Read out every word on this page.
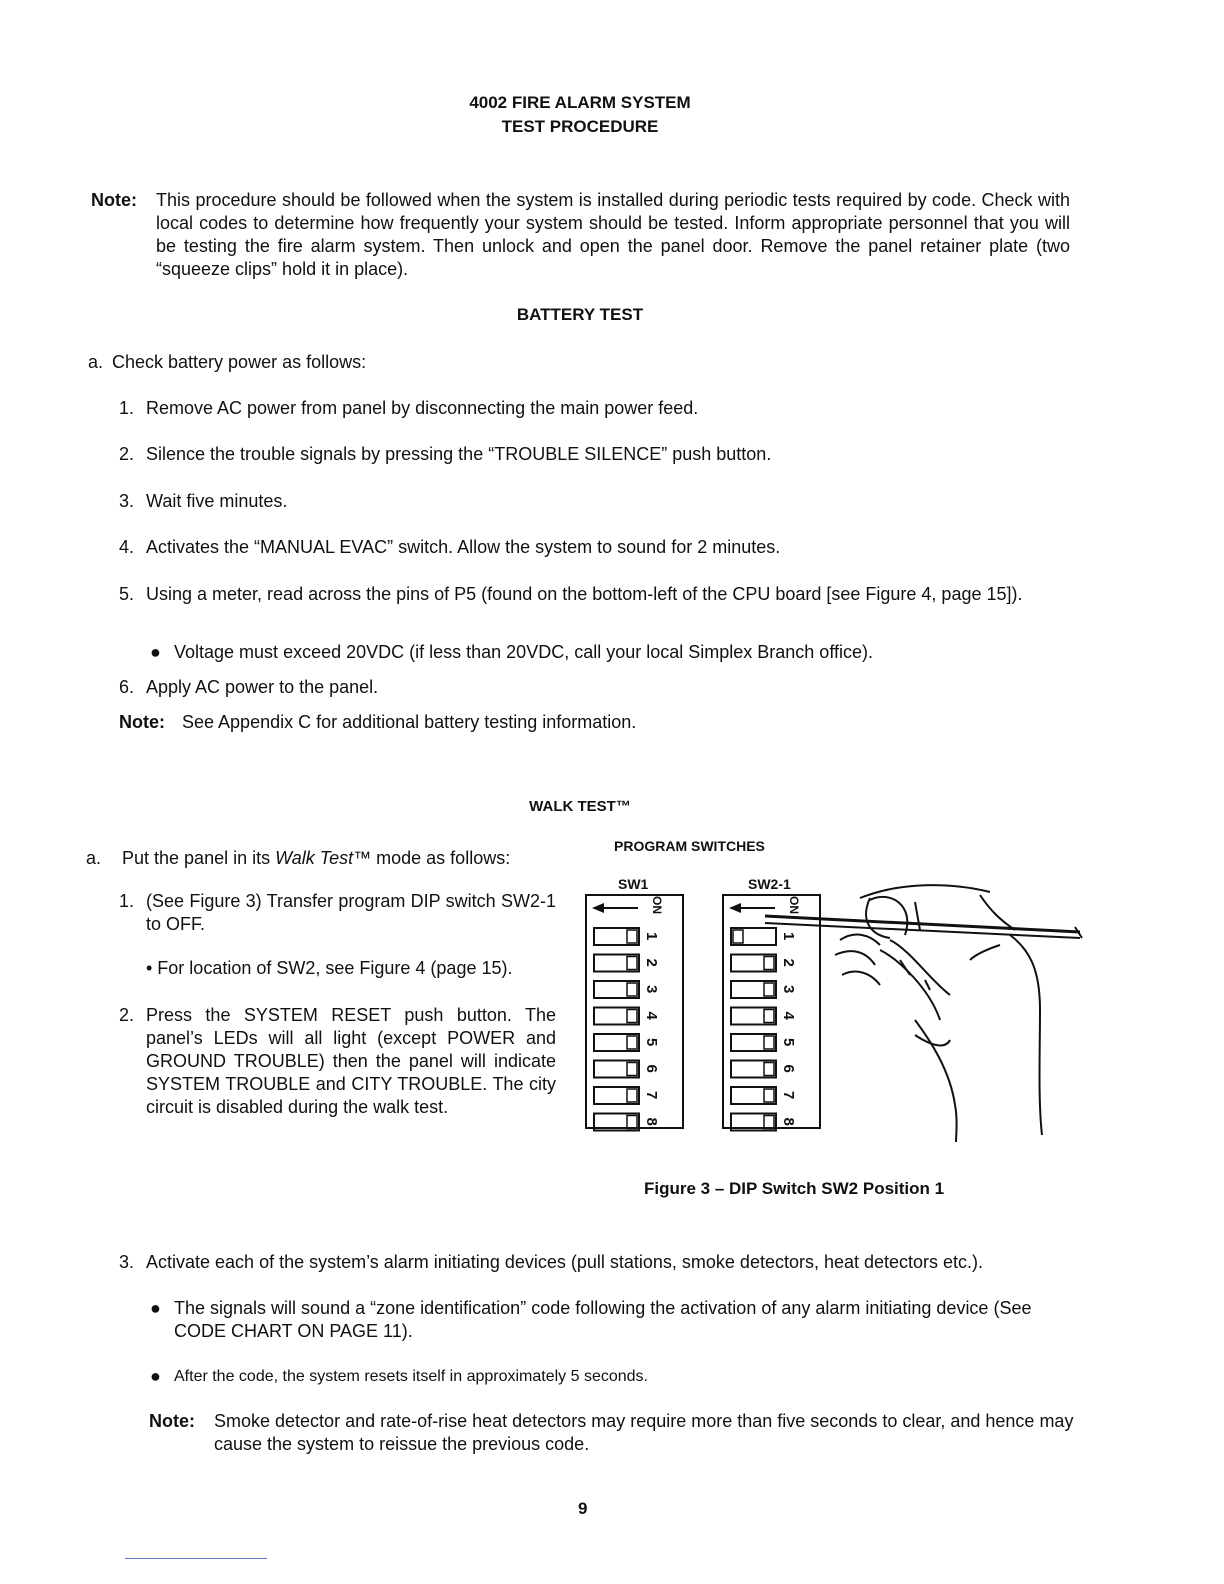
4002 FIRE ALARM SYSTEM
TEST PROCEDURE
Note: This procedure should be followed when the system is installed during periodic tests required by code. Check with local codes to determine how frequently your system should be tested. Inform appropriate personnel that you will be testing the fire alarm system. Then unlock and open the panel door. Remove the panel retainer plate (two “squeeze clips” hold it in place).
BATTERY TEST
a. Check battery power as follows:
1. Remove AC power from panel by disconnecting the main power feed.
2. Silence the trouble signals by pressing the “TROUBLE SILENCE” push button.
3. Wait five minutes.
4. Activates the “MANUAL EVAC” switch. Allow the system to sound for 2 minutes.
5. Using a meter, read across the pins of P5 (found on the bottom-left of the CPU board [see Figure 4, page 15]).
● Voltage must exceed 20VDC (if less than 20VDC, call your local Simplex Branch office).
6. Apply AC power to the panel.
Note: See Appendix C for additional battery testing information.
WALK TEST™
a. Put the panel in its Walk Test™ mode as follows:
1. (See Figure 3) Transfer program DIP switch SW2-1 to OFF.
• For location of SW2, see Figure 4 (page 15).
2. Press the SYSTEM RESET push button. The panel’s LEDs will all light (except POWER and GROUND TROUBLE) then the panel will indicate SYSTEM TROUBLE and CITY TROUBLE. The city circuit is disabled during the walk test.
PROGRAM SWITCHES
SW1	SW2-1
ON	ON
1
2
3
4
5
6
7
8
1
2
3
4
5
6
7
8
Figure 3 – DIP Switch SW2 Position 1
3. Activate each of the system’s alarm initiating devices (pull stations, smoke detectors, heat detectors etc.).
● The signals will sound a “zone identification” code following the activation of any alarm initiating device (See CODE CHART ON PAGE 11).
● After the code, the system resets itself in approximately 5 seconds.
Note: Smoke detector and rate-of-rise heat detectors may require more than five seconds to clear, and hence may cause the system to reissue the previous code.
9
